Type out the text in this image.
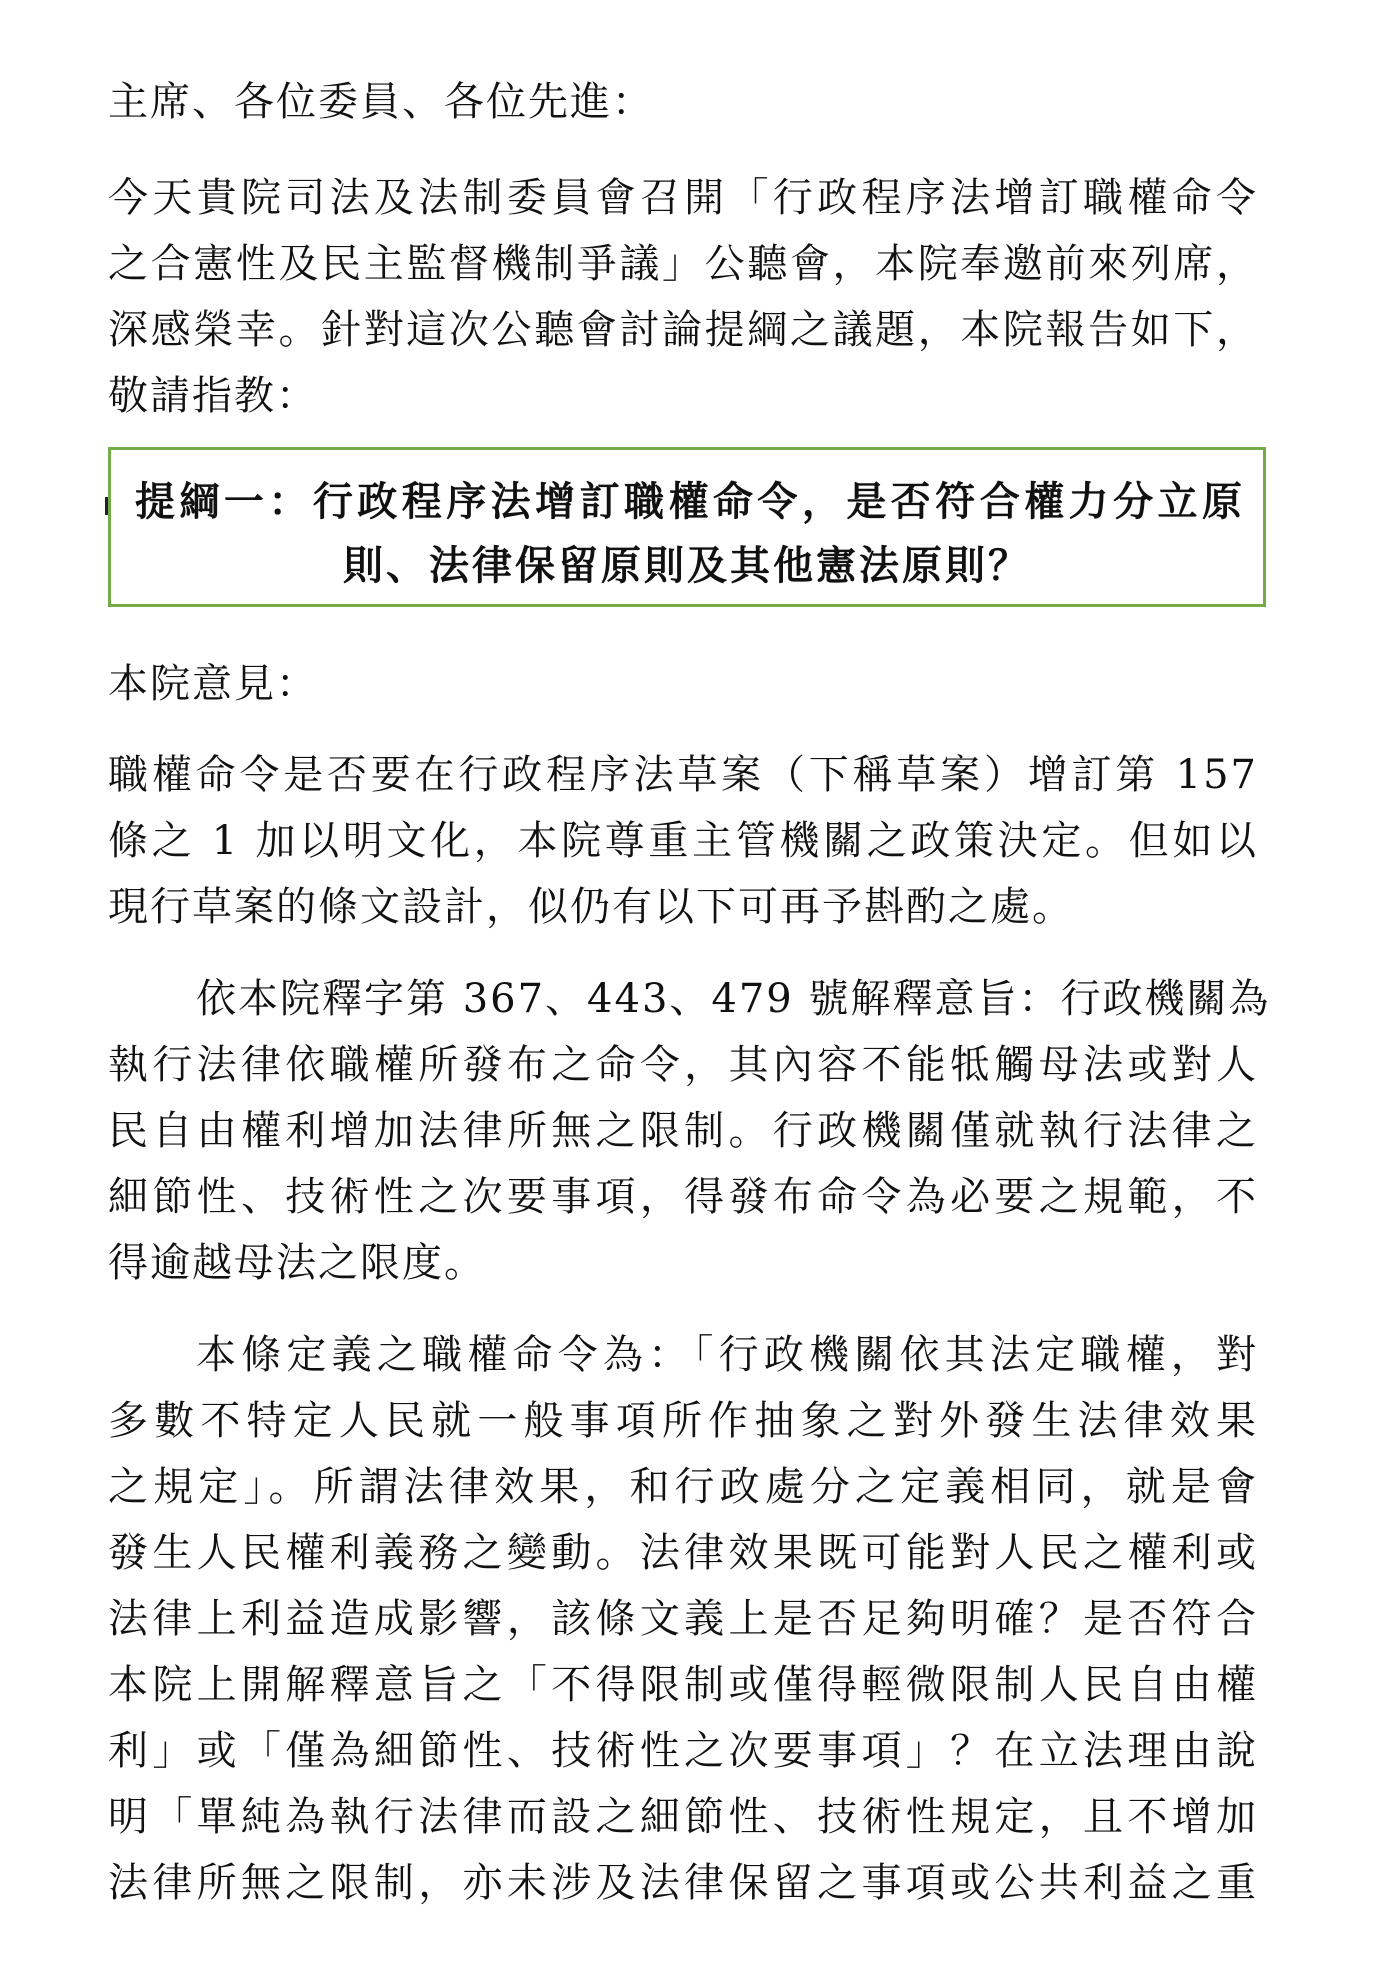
主席、各位委員、各位先進：
今天貴院司法及法制委員會召開「行政程序法增訂職權命令
之合憲性及民主監督機制爭議」公聽會，本院奉邀前來列席，
深感榮幸。針對這次公聽會討論提綱之議題，本院報告如下，
敬請指教：
提綱一：行政程序法增訂職權命令，是否符合權力分立原
則、法律保留原則及其他憲法原則？
本院意見：
職權命令是否要在行政程序法草案（下稱草案）增訂第 157
條之 1 加以明文化，本院尊重主管機關之政策決定。但如以
現行草案的條文設計，似仍有以下可再予斟酌之處。
依本院釋字第 367、443、479 號解釋意旨：行政機關為
執行法律依職權所發布之命令，其內容不能牴觸母法或對人
民自由權利增加法律所無之限制。行政機關僅就執行法律之
細節性、技術性之次要事項，得發布命令為必要之規範，不
得逾越母法之限度。
本條定義之職權命令為：「行政機關依其法定職權，對
多數不特定人民就一般事項所作抽象之對外發生法律效果
之規定」。所謂法律效果，和行政處分之定義相同，就是會
發生人民權利義務之變動。法律效果既可能對人民之權利或
法律上利益造成影響，該條文義上是否足夠明確？是否符合
本院上開解釋意旨之「不得限制或僅得輕微限制人民自由權
利」或「僅為細節性、技術性之次要事項」？在立法理由說
明「單純為執行法律而設之細節性、技術性規定，且不增加
法律所無之限制，亦未涉及法律保留之事項或公共利益之重
